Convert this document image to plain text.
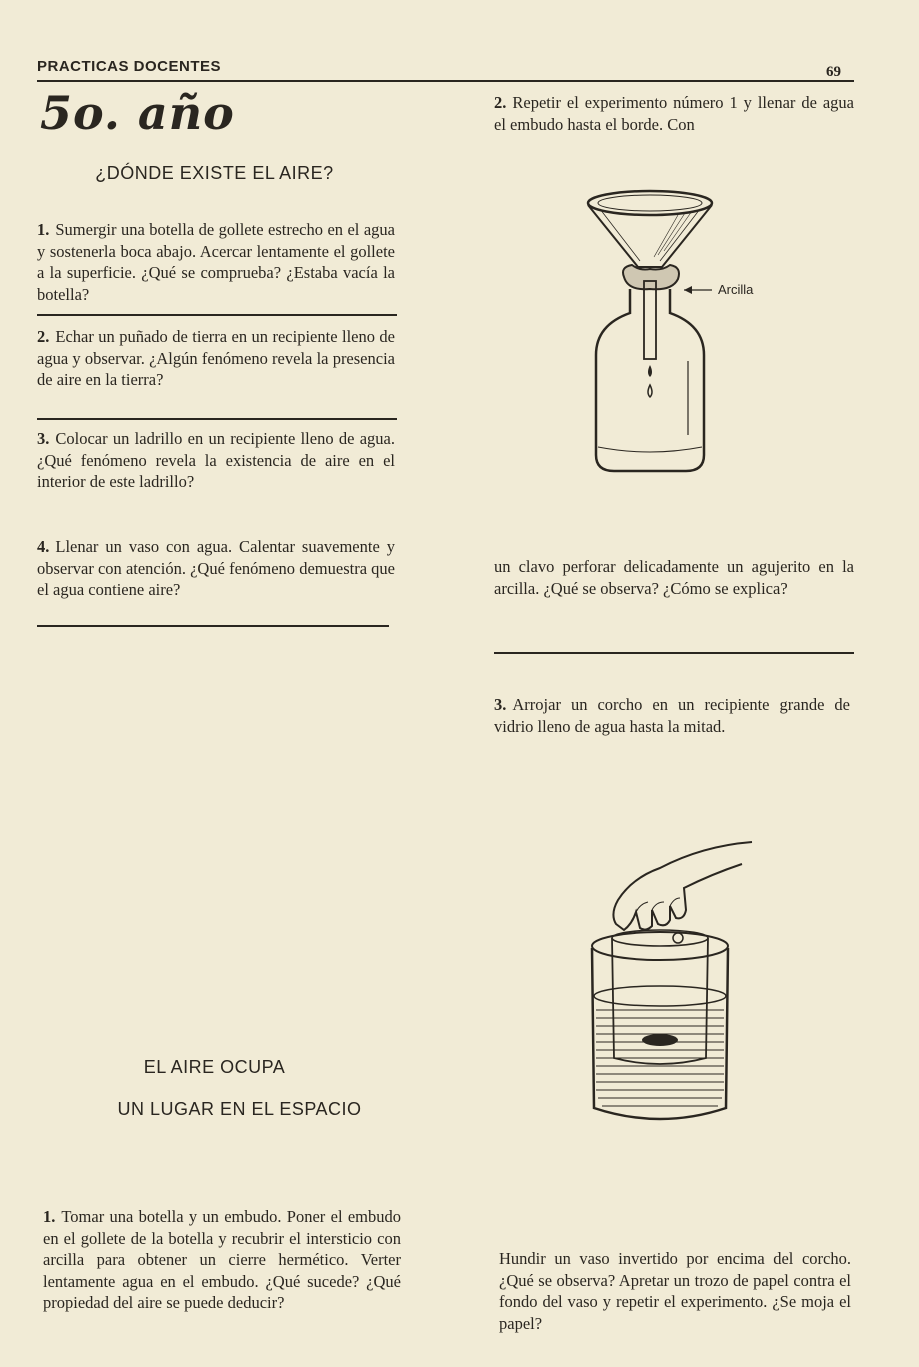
PRACTICAS DOCENTES	69
5o. año
¿DÓNDE EXISTE EL AIRE?
1. Sumergir una botella de gollete estrecho en el agua y sostenerla boca abajo. Acercar lentamente el gollete a la superficie. ¿Qué se comprueba? ¿Estaba vacía la botella?
2. Echar un puñado de tierra en un recipiente lleno de agua y observar. ¿Algún fenómeno revela la presencia de aire en la tierra?
3. Colocar un ladrillo en un recipiente lleno de agua. ¿Qué fenómeno revela la existencia de aire en el interior de este ladrillo?
4. Llenar un vaso con agua. Calentar suavemente y observar con atención. ¿Qué fenómeno demuestra que el agua contiene aire?
EL AIRE OCUPA
UN LUGAR EN EL ESPACIO
1. Tomar una botella y un embudo. Poner el embudo en el gollete de la botella y recubrir el intersticio con arcilla para obtener un cierre hermético. Verter lentamente agua en el embudo. ¿Qué sucede? ¿Qué propiedad del aire se puede deducir?
2. Repetir el experimento número 1 y llenar de agua el embudo hasta el borde. Con
Arcilla
un clavo perforar delicadamente un agujerito en la arcilla. ¿Qué se observa? ¿Cómo se explica?
3. Arrojar un corcho en un recipiente grande de vidrio lleno de agua hasta la mitad.
Hundir un vaso invertido por encima del corcho. ¿Qué se observa? Apretar un trozo de papel contra el fondo del vaso y repetir el experimento. ¿Se moja el papel?
